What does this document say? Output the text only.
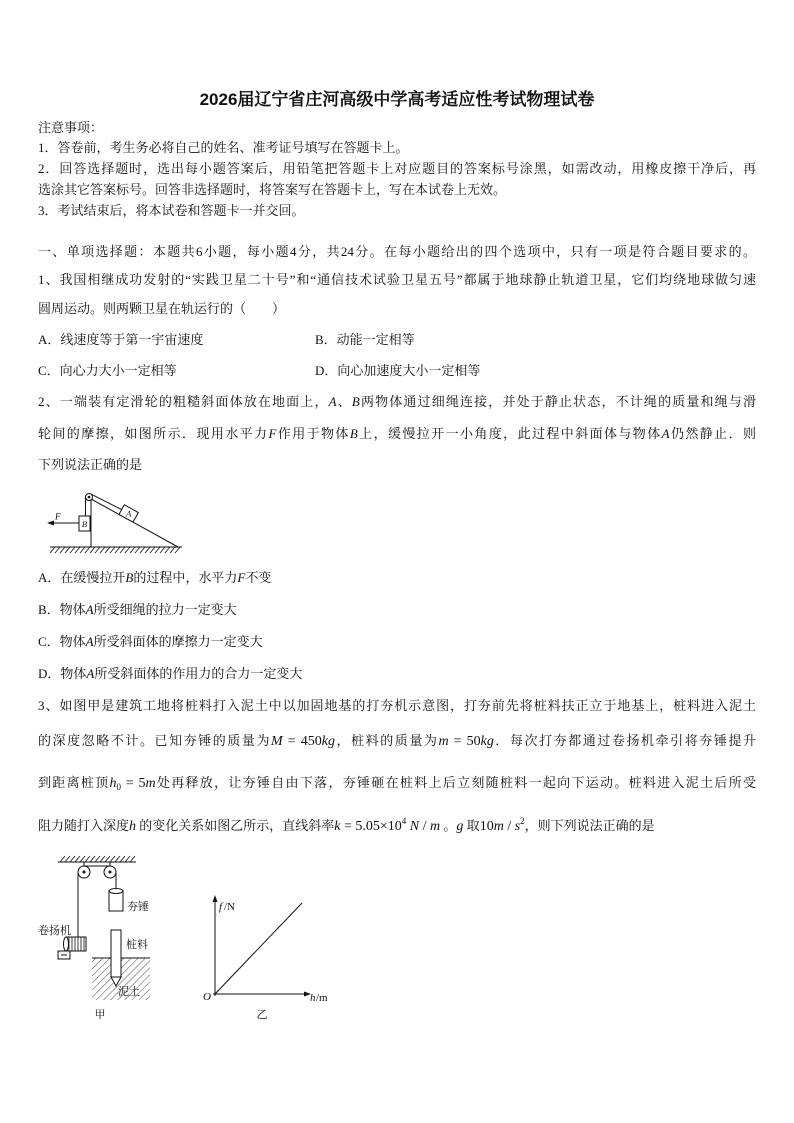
2026届辽宁省庄河高级中学高考适应性考试物理试卷
注意事项：
1．答卷前，考生务必将自己的姓名、准考证号填写在答题卡上。
2．回答选择题时，选出每小题答案后，用铅笔把答题卡上对应题目的答案标号涂黑，如需改动，用橡皮擦干净后，再
选涂其它答案标号。回答非选择题时，将答案写在答题卡上，写在本试卷上无效。
3．考试结束后，将本试卷和答题卡一并交回。
一、单项选择题：本题共6小题，每小题4分，共24分。在每小题给出的四个选项中，只有一项是符合题目要求的。
1、我国相继成功发射的“实践卫星二十号”和“通信技术试验卫星五号”都属于地球静止轨道卫星，它们均绕地球做匀速
圆周运动。则两颗卫星在轨运行的（　　）
A．线速度等于第一宇宙速度	B．动能一定相等
C．向心力大小一定相等	D．向心加速度大小一定相等
2、一端装有定滑轮的粗糙斜面体放在地面上，A、B两物体通过细绳连接，并处于静止状态，不计绳的质量和绳与滑
轮间的摩擦，如图所示．现用水平力F作用于物体B上，缓慢拉开一小角度，此过程中斜面体与物体A仍然静止．则
下列说法正确的是
F
B
A
A．在缓慢拉开B的过程中，水平力F不变
B．物体A所受细绳的拉力一定变大
C．物体A所受斜面体的摩擦力一定变大
D．物体A所受斜面体的作用力的合力一定变大
3、如图甲是建筑工地将桩料打入泥土中以加固地基的打夯机示意图，打夯前先将桩料扶正立于地基上，桩料进入泥土
的深度忽略不计。已知夯锤的质量为M = 450kg，桩料的质量为m = 50kg．每次打夯都通过卷扬机牵引将夯锤提升
到距离桩顶$h_0 = 5m$处再释放，让夯锤自由下落，夯锤砸在桩料上后立刻随桩料一起向下运动。桩料进入泥土后所受
阻力随打入深度h 的变化关系如图乙所示，直线斜率$k = 5.05\times 10^4$ N / m 。g 取$10m / s^2$，则下列说法正确的是
卷扬机
夯锤
桩料
泥土
甲
f /N
O	h /m
乙
